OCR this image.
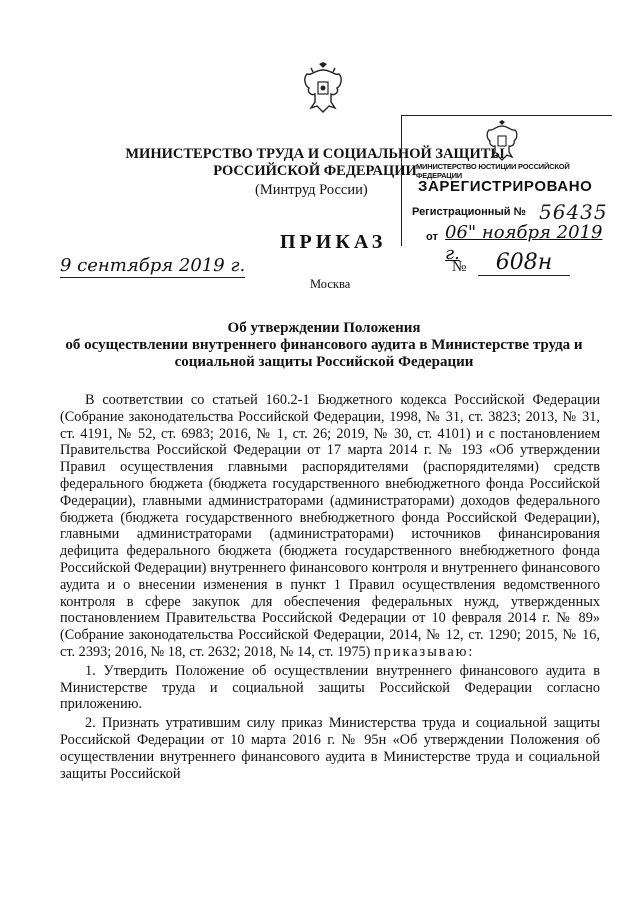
МИНИСТЕРСТВО ТРУДА И СОЦИАЛЬНОЙ ЗАЩИТЫ
РОССИЙСКОЙ ФЕДЕРАЦИИ
(Минтруд России)
МИНИСТЕРСТВО ЮСТИЦИИ РОССИЙСКОЙ ФЕДЕРАЦИИ
ЗАРЕГИСТРИРОВАНО
Регистрационный № 56435
от 06" ноября 2019 г.
ПРИКАЗ
9 сентября 2019 г.
Москва
№	608н
Об утверждении Положения
об осуществлении внутреннего финансового аудита в Министерстве труда и
социальной защиты Российской Федерации

В соответствии со статьей 160.2-1 Бюджетного кодекса Российской Федерации (Собрание законодательства Российской Федерации, 1998, № 31, ст. 3823; 2013, № 31, ст. 4191, № 52, ст. 6983; 2016, № 1, ст. 26; 2019, № 30, ст. 4101) и с постановлением Правительства Российской Федерации от 17 марта 2014 г. № 193 «Об утверждении Правил осуществления главными распорядителями (распорядителями) средств федерального бюджета (бюджета государственного внебюджетного фонда Российской Федерации), главными администраторами (администраторами) доходов федерального бюджета (бюджета государственного внебюджетного фонда Российской Федерации), главными администраторами (администраторами) источников финансирования дефицита федерального бюджета (бюджета государственного внебюджетного фонда Российской Федерации) внутреннего финансового контроля и внутреннего финансового аудита и о внесении изменения в пункт 1 Правил осуществления ведомственного контроля в сфере закупок для обеспечения федеральных нужд, утвержденных постановлением Правительства Российской Федерации от 10 февраля 2014 г. № 89» (Собрание законодательства Российской Федерации, 2014, № 12, ст. 1290; 2015, № 16, ст. 2393; 2016, № 18, ст. 2632; 2018, № 14, ст. 1975) приказываю:

1. Утвердить Положение об осуществлении внутреннего финансового аудита в Министерстве труда и социальной защиты Российской Федерации согласно приложению.

2. Признать утратившим силу приказ Министерства труда и социальной защиты Российской Федерации от 10 марта 2016 г. № 95н «Об утверждении Положения об осуществлении внутреннего финансового аудита в Министерстве труда и социальной защиты Российской
